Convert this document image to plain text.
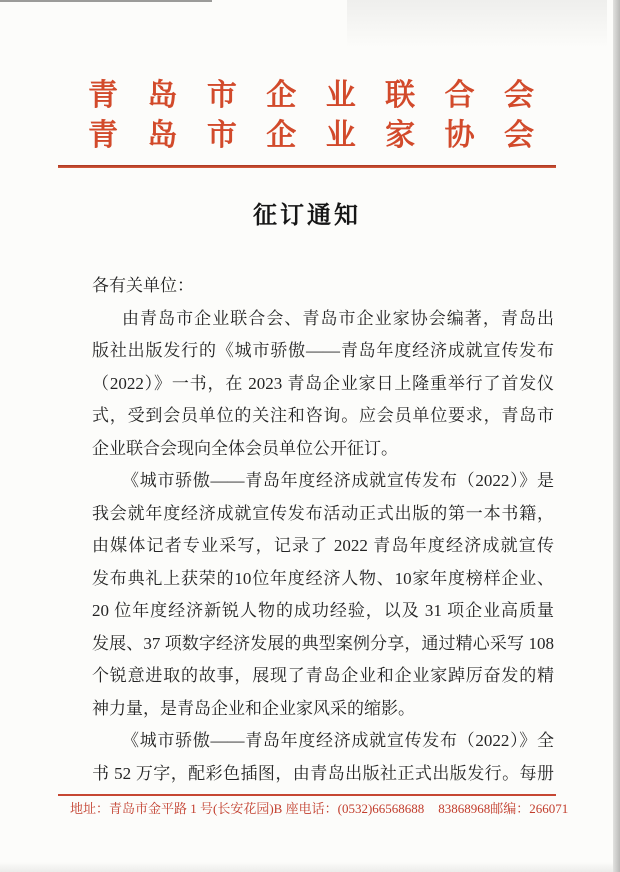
青岛市企业联合会
青岛市企业家协会
征订通知
各有关单位：
由青岛市企业联合会、青岛市企业家协会编著，青岛出
版社出版发行的《城市骄傲——青岛年度经济成就宣传发布
（2022）》一书，在 2023 青岛企业家日上隆重举行了首发仪
式，受到会员单位的关注和咨询。应会员单位要求，青岛市
企业联合会现向全体会员单位公开征订。
《城市骄傲——青岛年度经济成就宣传发布（2022）》是
我会就年度经济成就宣传发布活动正式出版的第一本书籍，
由媒体记者专业采写，记录了 2022 青岛年度经济成就宣传
发布典礼上获荣的10位年度经济人物、10家年度榜样企业、
20 位年度经济新锐人物的成功经验，以及 31 项企业高质量
发展、37 项数字经济发展的典型案例分享，通过精心采写 108
个锐意进取的故事，展现了青岛企业和企业家踔厉奋发的精
神力量，是青岛企业和企业家风采的缩影。
《城市骄傲——青岛年度经济成就宣传发布（2022）》全
书 52 万字，配彩色插图，由青岛出版社正式出版发行。每册
地址：青岛市金平路 1 号(长安花园)B 座 电话：(0532)66568688 83868968 邮编：266071
